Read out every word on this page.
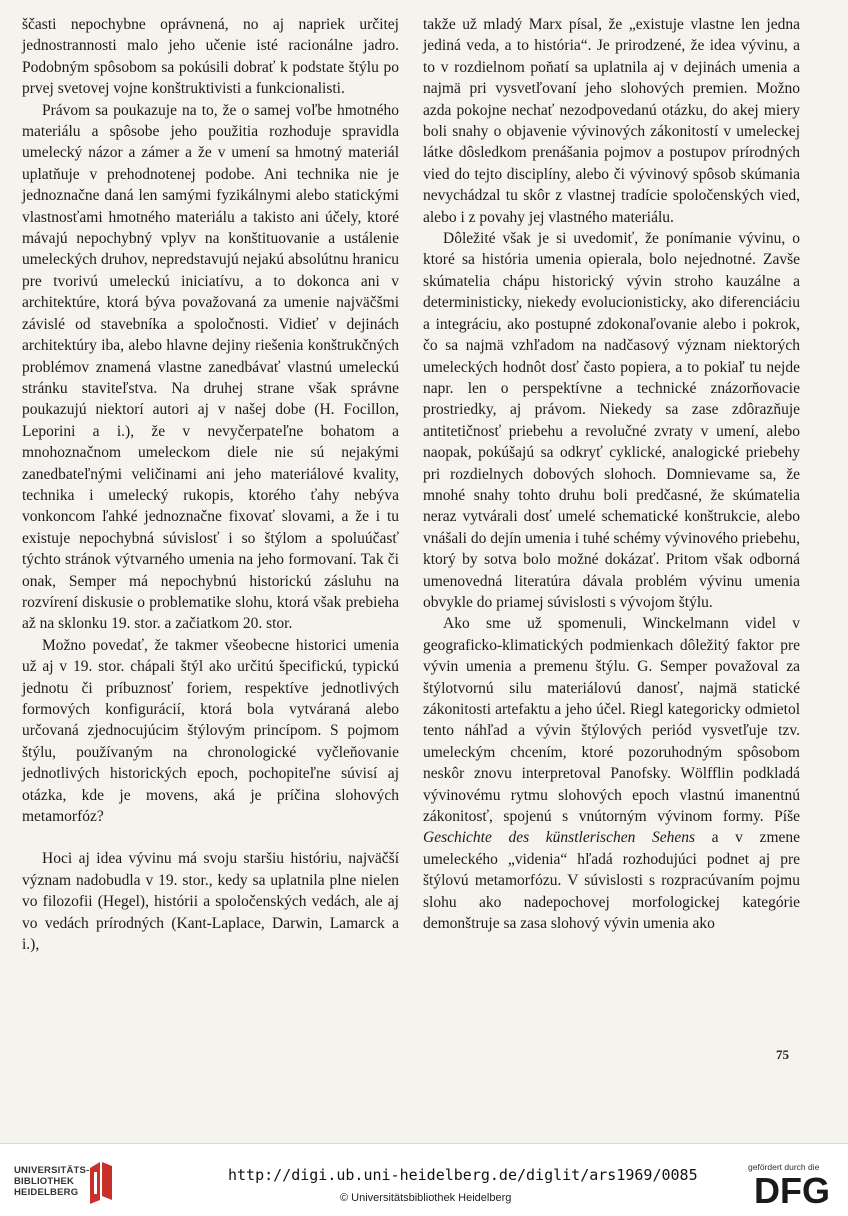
ščasti nepochybne oprávnená, no aj napriek určitej jednostrannosti malo jeho učenie isté racionálne jadro. Podobným spôsobom sa pokúsili dobrať k podstate štýlu po prvej svetovej vojne konštruktivisti a funkcionalisti.

Právom sa poukazuje na to, že o samej voľbe hmotného materiálu a spôsobe jeho použitia rozhoduje spravidla umelecký názor a zámer a že v umení sa hmotný materiál uplatňuje v prehodnotenej podobe. Ani technika nie je jednoznačne daná len samými fyzikálnymi alebo statickými vlastnosťami hmotného materiálu a takisto ani účely, ktoré mávajú nepochybný vplyv na konštituovanie a ustálenie umeleckých druhov, nepredstavujú nejakú absolútnu hranicu pre tvorivú umeleckú iniciatívu, a to dokonca ani v architektúre, ktorá býva považovaná za umenie najväčšmi závislé od stavebníka a spoločnosti. Vidieť v dejinách architektúry iba, alebo hlavne dejiny riešenia konštrukčných problémov znamená vlastne zanedbávať vlastnú umeleckú stránku staviteľstva. Na druhej strane však správne poukazujú niektorí autori aj v našej dobe (H. Focillon, Leporini a i.), že v nevyčerpateľne bohatom a mnohoznačnom umeleckom diele nie sú nejakými zanedbateľnými veličinami ani jeho materiálové kvality, technika i umelecký rukopis, ktorého ťahy nebýva vonkoncom ľahké jednoznačne fixovať slovami, a že i tu existuje nepochybná súvislosť i so štýlom a spoluúčasť týchto stránok výtvarného umenia na jeho formovaní. Tak či onak, Semper má nepochybnú historickú zásluhu na rozvírení diskusie o problematike slohu, ktorá však prebieha až na sklonku 19. stor. a začiatkom 20. stor.

Možno povedať, že takmer všeobecne historici umenia už aj v 19. stor. chápali štýl ako určitú špecifickú, typickú jednotu či príbuznosť foriem, respektíve jednotlivých formových konfigurácií, ktorá bola vytváraná alebo určovaná zjednocujúcim štýlovým princípom. S pojmom štýlu, používaným na chronologické vyčleňovanie jednotlivých historických epoch, pochopiteľne súvisí aj otázka, kde je movens, aká je príčina slohových metamorfóz?

Hoci aj idea vývinu má svoju staršiu históriu, najväčší význam nadobudla v 19. stor., kedy sa uplatnila plne nielen vo filozofii (Hegel), histórii a spoločenských vedách, ale aj vo vedách prírodných (Kant-Laplace, Darwin, Lamarck a i.),

takže už mladý Marx písal, že „existuje vlastne len jedna jediná veda, a to história“. Je prirodzené, že idea vývinu, a to v rozdielnom poňatí sa uplatnila aj v dejinách umenia a najmä pri vysvetľovaní jeho slohových premien. Možno azda pokojne nechať nezodpovedanú otázku, do akej miery boli snahy o objavenie vývinových zákonitostí v umeleckej látke dôsledkom prenášania pojmov a postupov prírodných vied do tejto disciplíny, alebo či vývinový spôsob skúmania nevychádzal tu skôr z vlastnej tradície spoločenských vied, alebo i z povahy jej vlastného materiálu.

Dôležité však je si uvedomiť, že ponímanie vývinu, o ktoré sa história umenia opierala, bolo nejednotné. Zavše skúmatelia chápu historický vývin stroho kauzálne a deterministicky, niekedy evolucionisticky, ako diferenciáciu a integráciu, ako postupné zdokonaľovanie alebo i pokrok, čo sa najmä vzhľadom na nadčasový význam niektorých umeleckých hodnôt dosť často popiera, a to pokiaľ tu nejde napr. len o perspektívne a technické znázorňovacie prostriedky, aj právom. Niekedy sa zase zdôrazňuje antitetičnosť priebehu a revolučné zvraty v umení, alebo naopak, pokúšajú sa odkryť cyklické, analogické priebehy pri rozdielnych dobových slohoch. Domnievame sa, že mnohé snahy tohto druhu boli predčasné, že skúmatelia neraz vytvárali dosť umelé schematické konštrukcie, alebo vnášali do dejín umenia i tuhé schémy vývinového priebehu, ktorý by sotva bolo možné dokázať. Pritom však odborná umenovedná literatúra dávala problém vývinu umenia obvykle do priamej súvislosti s vývojom štýlu.

Ako sme už spomenuli, Winckelmann videl v geograficko-klimatických podmienkach dôležitý faktor pre vývin umenia a premenu štýlu. G. Semper považoval za štýlotvornú silu materiálovú danosť, najmä statické zákonitosti artefaktu a jeho účel. Riegl kategoricky odmietol tento náhľad a vývin štýlových periód vysvetľuje tzv. umeleckým chcením, ktoré pozoruhodným spôsobom neskôr znovu interpretoval Panofsky. Wölfflin podkladá vývinovému rytmu slohových epoch vlastnú imanentnú zákonitosť, spojenú s vnútorným vývinom formy. Píše Geschichte des künstlerischen Sehens a v zmene umeleckého „videnia“ hľadá rozhodujúci podnet aj pre štýlovú metamorfózu. V súvislosti s rozpracúvaním pojmu slohu ako nadepochovej morfologickej kategórie demonštruje sa zasa slohový vývin umenia ako

75
UNIVERSITÄTS-
BIBLIOTHEK
HEIDELBERG
http://digi.ub.uni-heidelberg.de/diglit/ars1969/0085
© Universitätsbibliothek Heidelberg
gefördert durch die
DFG
